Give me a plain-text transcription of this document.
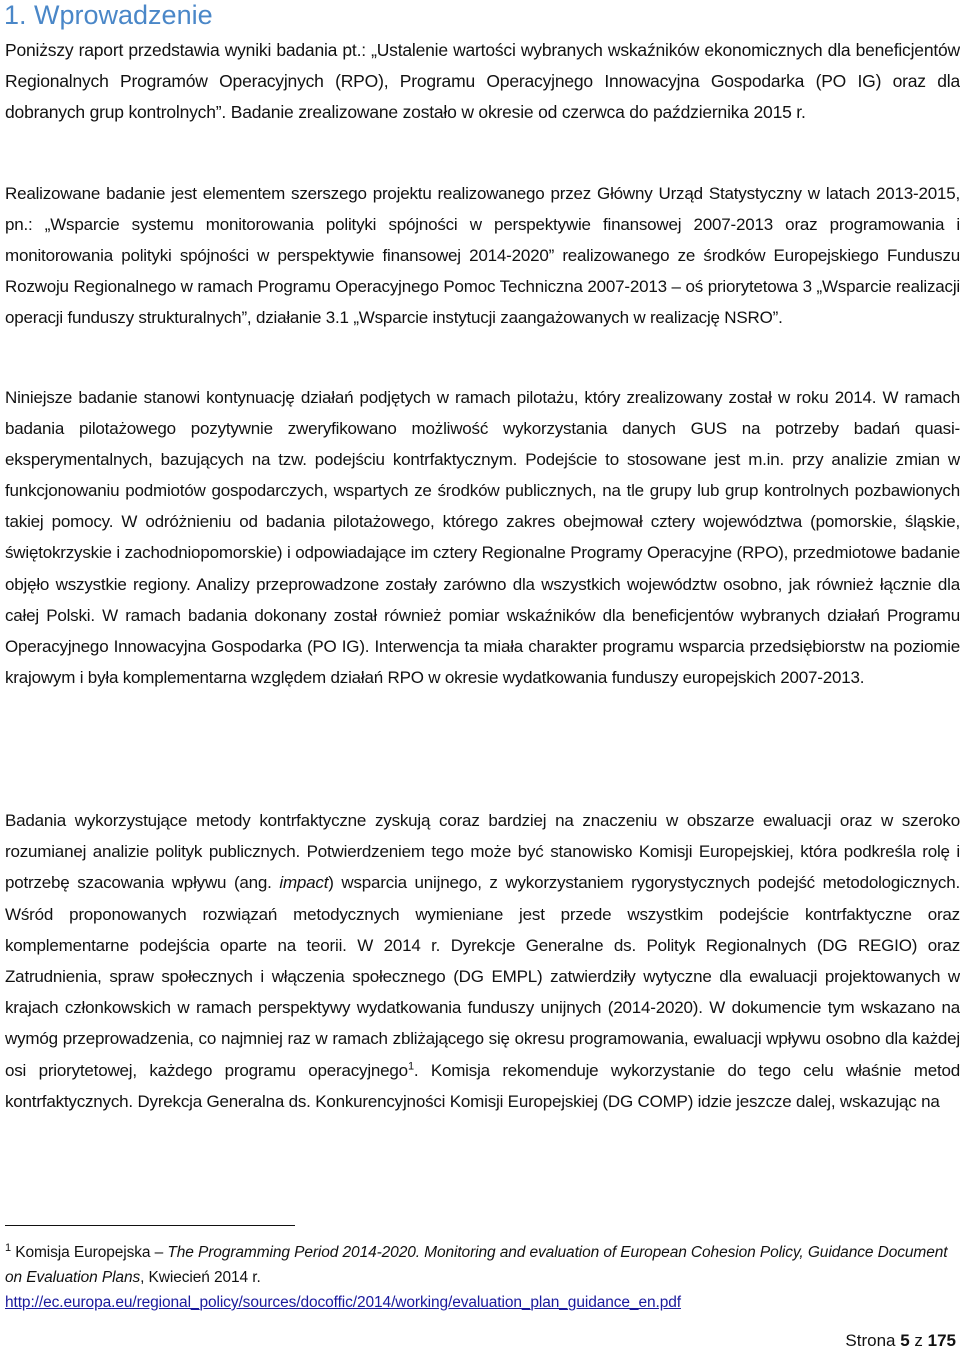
1. Wprowadzenie

Poniższy raport przedstawia wyniki badania pt.: „Ustalenie wartości wybranych wskaźników ekonomicznych dla beneficjentów Regionalnych Programów Operacyjnych (RPO), Programu Operacyjnego Innowacyjna Gospodarka (PO IG) oraz dla dobranych grup kontrolnych”. Badanie zrealizowane zostało w okresie od czerwca do października 2015 r.

Realizowane badanie jest elementem szerszego projektu realizowanego przez Główny Urząd Statystyczny w latach 2013-2015, pn.: „Wsparcie systemu monitorowania polityki spójności w perspektywie finansowej 2007-2013 oraz programowania i monitorowania polityki spójności w perspektywie finansowej 2014-2020” realizowanego ze środków Europejskiego Funduszu Rozwoju Regionalnego w ramach Programu Operacyjnego Pomoc Techniczna 2007-2013 – oś priorytetowa 3 „Wsparcie realizacji operacji funduszy strukturalnych”, działanie 3.1 „Wsparcie instytucji zaangażowanych w realizację NSRO”.

Niniejsze badanie stanowi kontynuację działań podjętych w ramach pilotażu, który zrealizowany został w roku 2014. W ramach badania pilotażowego pozytywnie zweryfikowano możliwość wykorzystania danych GUS na potrzeby badań quasi-eksperymentalnych, bazujących na tzw. podejściu kontrfaktycznym. Podejście to stosowane jest m.in. przy analizie zmian w funkcjonowaniu podmiotów gospodarczych, wspartych ze środków publicznych, na tle grupy lub grup kontrolnych pozbawionych takiej pomocy. W odróżnieniu od badania pilotażowego, którego zakres obejmował cztery województwa (pomorskie, śląskie, świętokrzyskie i zachodniopomorskie) i odpowiadające im cztery Regionalne Programy Operacyjne (RPO), przedmiotowe badanie objęło wszystkie regiony. Analizy przeprowadzone zostały zarówno dla wszystkich województw osobno, jak również łącznie dla całej Polski. W ramach badania dokonany został również pomiar wskaźników dla beneficjentów wybranych działań Programu Operacyjnego Innowacyjna Gospodarka (PO IG). Interwencja ta miała charakter programu wsparcia przedsiębiorstw na poziomie krajowym i była komplementarna względem działań RPO w okresie wydatkowania funduszy europejskich 2007-2013.

Badania wykorzystujące metody kontrfaktyczne zyskują coraz bardziej na znaczeniu w obszarze ewaluacji oraz w szeroko rozumianej analizie polityk publicznych. Potwierdzeniem tego może być stanowisko Komisji Europejskiej, która podkreśla rolę i potrzebę szacowania wpływu (ang. impact) wsparcia unijnego, z wykorzystaniem rygorystycznych podejść metodologicznych. Wśród proponowanych rozwiązań metodycznych wymieniane jest przede wszystkim podejście kontrfaktyczne oraz komplementarne podejścia oparte na teorii. W 2014 r. Dyrekcje Generalne ds. Polityk Regionalnych (DG REGIO) oraz Zatrudnienia, spraw społecznych i włączenia społecznego (DG EMPL) zatwierdziły wytyczne dla ewaluacji projektowanych w krajach członkowskich w ramach perspektywy wydatkowania funduszy unijnych (2014-2020). W dokumencie tym wskazano na wymóg przeprowadzenia, co najmniej raz w ramach zbliżającego się okresu programowania, ewaluacji wpływu osobno dla każdej osi priorytetowej, każdego programu operacyjnego$^1$. Komisja rekomenduje wykorzystanie do tego celu właśnie metod kontrfaktycznych. Dyrekcja Generalna ds. Konkurencyjności Komisji Europejskiej (DG COMP) idzie jeszcze dalej, wskazując na

$^1$ Komisja Europejska – The Programming Period 2014-2020. Monitoring and evaluation of European Cohesion Policy, Guidance Document on Evaluation Plans, Kwiecień 2014 r.
http://ec.europa.eu/regional_policy/sources/docoffic/2014/working/evaluation_plan_guidance_en.pdf

Strona 5 z 175
